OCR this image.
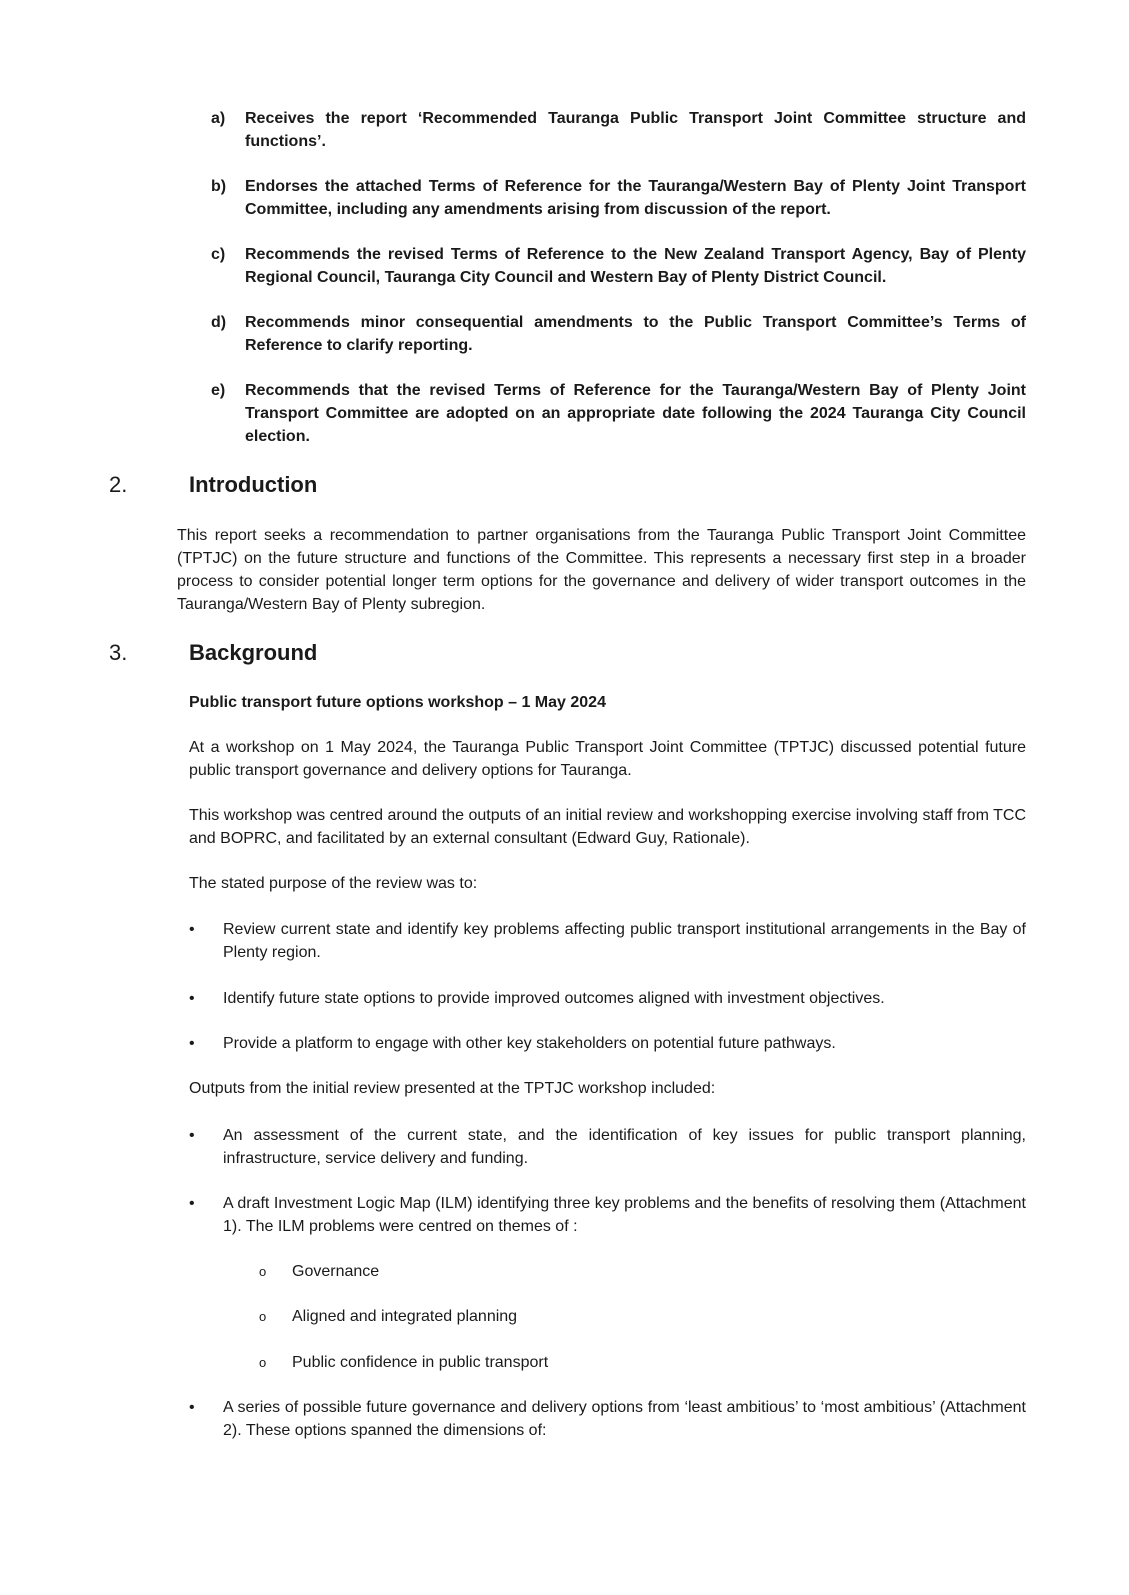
a)	Receives the report ‘Recommended Tauranga Public Transport Joint Committee structure and functions’.
b)	Endorses the attached Terms of Reference for the Tauranga/Western Bay of Plenty Joint Transport Committee, including any amendments arising from discussion of the report.
c)	Recommends the revised Terms of Reference to the New Zealand Transport Agency, Bay of Plenty Regional Council, Tauranga City Council and Western Bay of Plenty District Council.
d)	Recommends minor consequential amendments to the Public Transport Committee’s Terms of Reference to clarify reporting.
e)	Recommends that the revised Terms of Reference for the Tauranga/Western Bay of Plenty Joint Transport Committee are adopted on an appropriate date following the 2024 Tauranga City Council election.
2.	Introduction
This report seeks a recommendation to partner organisations from the Tauranga Public Transport Joint Committee (TPTJC) on the future structure and functions of the Committee. This represents a necessary first step in a broader process to consider potential longer term options for the governance and delivery of wider transport outcomes in the Tauranga/Western Bay of Plenty subregion.
3.	Background
Public transport future options workshop – 1 May 2024
At a workshop on 1 May 2024, the Tauranga Public Transport Joint Committee (TPTJC) discussed potential future public transport governance and delivery options for Tauranga.
This workshop was centred around the outputs of an initial review and workshopping exercise involving staff from TCC and BOPRC, and facilitated by an external consultant (Edward Guy, Rationale).
The stated purpose of the review was to:
•	Review current state and identify key problems affecting public transport institutional arrangements in the Bay of Plenty region.
•	Identify future state options to provide improved outcomes aligned with investment objectives.
•	Provide a platform to engage with other key stakeholders on potential future pathways.
Outputs from the initial review presented at the TPTJC workshop included:
•	An assessment of the current state, and the identification of key issues for public transport planning, infrastructure, service delivery and funding.
•	A draft Investment Logic Map (ILM) identifying three key problems and the benefits of resolving them (Attachment 1). The ILM problems were centred on themes of :
o Governance
o Aligned and integrated planning
o Public confidence in public transport
•	A series of possible future governance and delivery options from ‘least ambitious’ to ‘most ambitious’ (Attachment 2). These options spanned the dimensions of:
